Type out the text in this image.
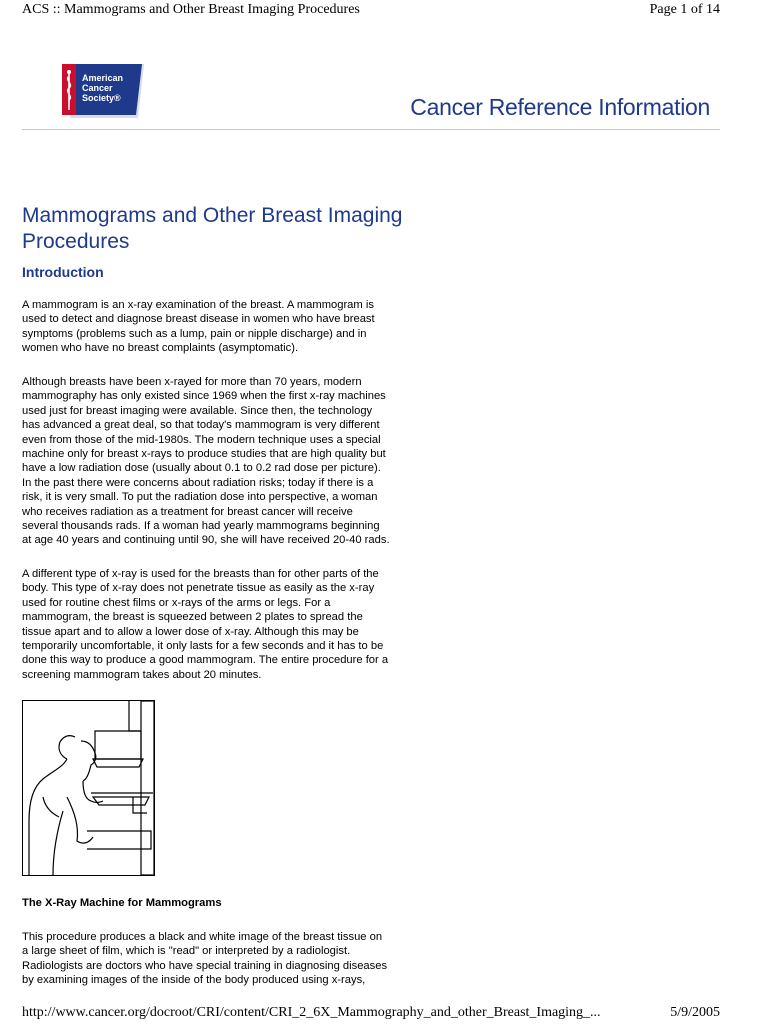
ACS :: Mammograms and Other Breast Imaging Procedures	Page 1 of 14
American
Cancer
Society®	Cancer Reference Information
Mammograms and Other Breast Imaging
Procedures
Introduction
A mammogram is an x-ray examination of the breast. A mammogram is
used to detect and diagnose breast disease in women who have breast
symptoms (problems such as a lump, pain or nipple discharge) and in
women who have no breast complaints (asymptomatic).
Although breasts have been x-rayed for more than 70 years, modern
mammography has only existed since 1969 when the first x-ray machines
used just for breast imaging were available. Since then, the technology
has advanced a great deal, so that today's mammogram is very different
even from those of the mid-1980s. The modern technique uses a special
machine only for breast x-rays to produce studies that are high quality but
have a low radiation dose (usually about 0.1 to 0.2 rad dose per picture).
In the past there were concerns about radiation risks; today if there is a
risk, it is very small. To put the radiation dose into perspective, a woman
who receives radiation as a treatment for breast cancer will receive
several thousands rads. If a woman had yearly mammograms beginning
at age 40 years and continuing until 90, she will have received 20-40 rads.
A different type of x-ray is used for the breasts than for other parts of the
body. This type of x-ray does not penetrate tissue as easily as the x-ray
used for routine chest films or x-rays of the arms or legs. For a
mammogram, the breast is squeezed between 2 plates to spread the
tissue apart and to allow a lower dose of x-ray. Although this may be
temporarily uncomfortable, it only lasts for a few seconds and it has to be
done this way to produce a good mammogram. The entire procedure for a
screening mammogram takes about 20 minutes.
The X-Ray Machine for Mammograms
This procedure produces a black and white image of the breast tissue on
a large sheet of film, which is "read" or interpreted by a radiologist.
Radiologists are doctors who have special training in diagnosing diseases
by examining images of the inside of the body produced using x-rays,
http://www.cancer.org/docroot/CRI/content/CRI_2_6X_Mammography_and_other_Breast_Imaging_...	5/9/2005
